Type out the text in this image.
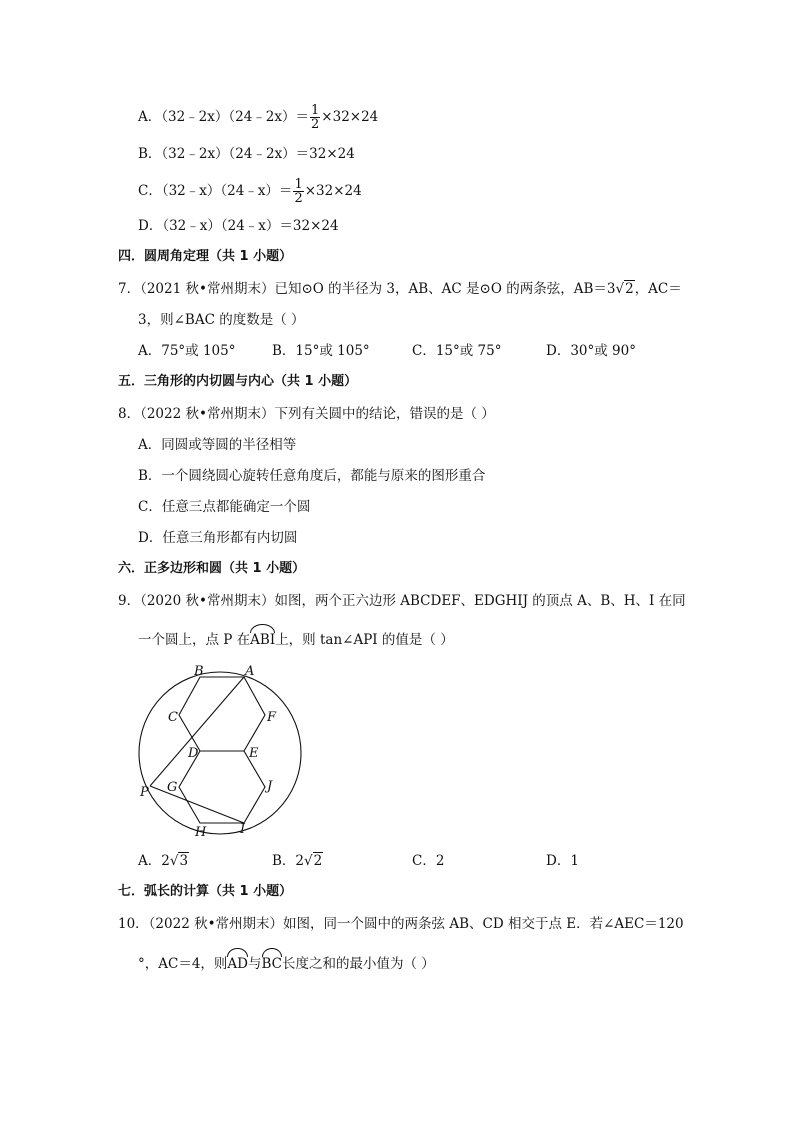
A．（32﹣2x）（24﹣2x）＝ $\frac{1}{2} \times 32\times 24$
B．（32﹣2x）（24﹣2x）＝32×24
C．（32﹣x）（24﹣x）＝ $\frac{1}{2} \times 32\times 24$
D．（32﹣x）（24﹣x）＝32×24
四．圆周角定理（共 1 小题）
7．（2021 秋•常州期末）已知⊙O 的半径为 3，AB、AC 是⊙O 的两条弦，AB＝3√2，AC＝
3，则∠BAC 的度数是（ ）
A．75°或 105°	B．15°或 105°	C．15°或 75°	D．30°或 90°
五．三角形的内切圆与内心（共 1 小题）
8．（2022 秋•常州期末）下列有关圆中的结论，错误的是（ ）
A．同圆或等圆的半径相等
B．一个圆绕圆心旋转任意角度后，都能与原来的图形重合
C．任意三点都能确定一个圆
D．任意三角形都有内切圆
六．正多边形和圆（共 1 小题）
9．（2020 秋•常州期末）如图，两个正六边形 ABCDEF、EDGHIJ 的顶点 A、B、H、I 在同
一个圆上，点 P 在ABI上，则 tan∠API 的值是（ ）
B	A
C	F
D	E
J
G
P
H	I
A．2√3	B．2√2	C．2	D．1
七．弧长的计算（共 1 小题）
10．（2022 秋•常州期末）如图，同一个圆中的两条弦 AB、CD 相交于点 E．若∠AEC＝120
°，AC＝4，则AD与BC长度之和的最小值为（ ）
